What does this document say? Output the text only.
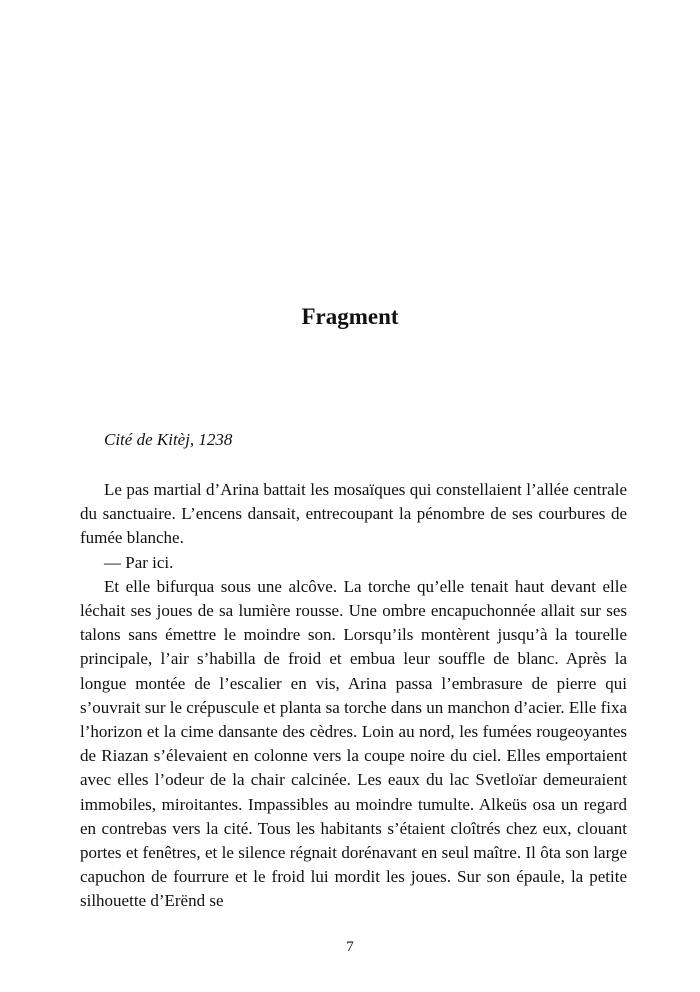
Fragment

Cité de Kitèj, 1238

Le pas martial d’Arina battait les mosaïques qui constellaient l’allée centrale du sanctuaire. L’encens dansait, entrecoupant la pénombre de ses courbures de fumée blanche.

— Par ici.

Et elle bifurqua sous une alcôve. La torche qu’elle tenait haut devant elle léchait ses joues de sa lumière rousse. Une ombre encapuchonnée allait sur ses talons sans émettre le moindre son. Lorsqu’ils montèrent jusqu’à la tourelle principale, l’air s’habilla de froid et embua leur souffle de blanc. Après la longue montée de l’escalier en vis, Arina passa l’embrasure de pierre qui s’ouvrait sur le crépuscule et planta sa torche dans un manchon d’acier. Elle fixa l’horizon et la cime dansante des cèdres. Loin au nord, les fumées rougeoyantes de Riazan s’élevaient en colonne vers la coupe noire du ciel. Elles emportaient avec elles l’odeur de la chair calcinée. Les eaux du lac Svetloïar demeuraient immobiles, miroitantes. Impassibles au moindre tumulte. Alkeüs osa un regard en contrebas vers la cité. Tous les habitants s’étaient cloîtrés chez eux, clouant portes et fenêtres, et le silence régnait dorénavant en seul maître. Il ôta son large capuchon de fourrure et le froid lui mordit les joues. Sur son épaule, la petite silhouette d’Erënd se

7
